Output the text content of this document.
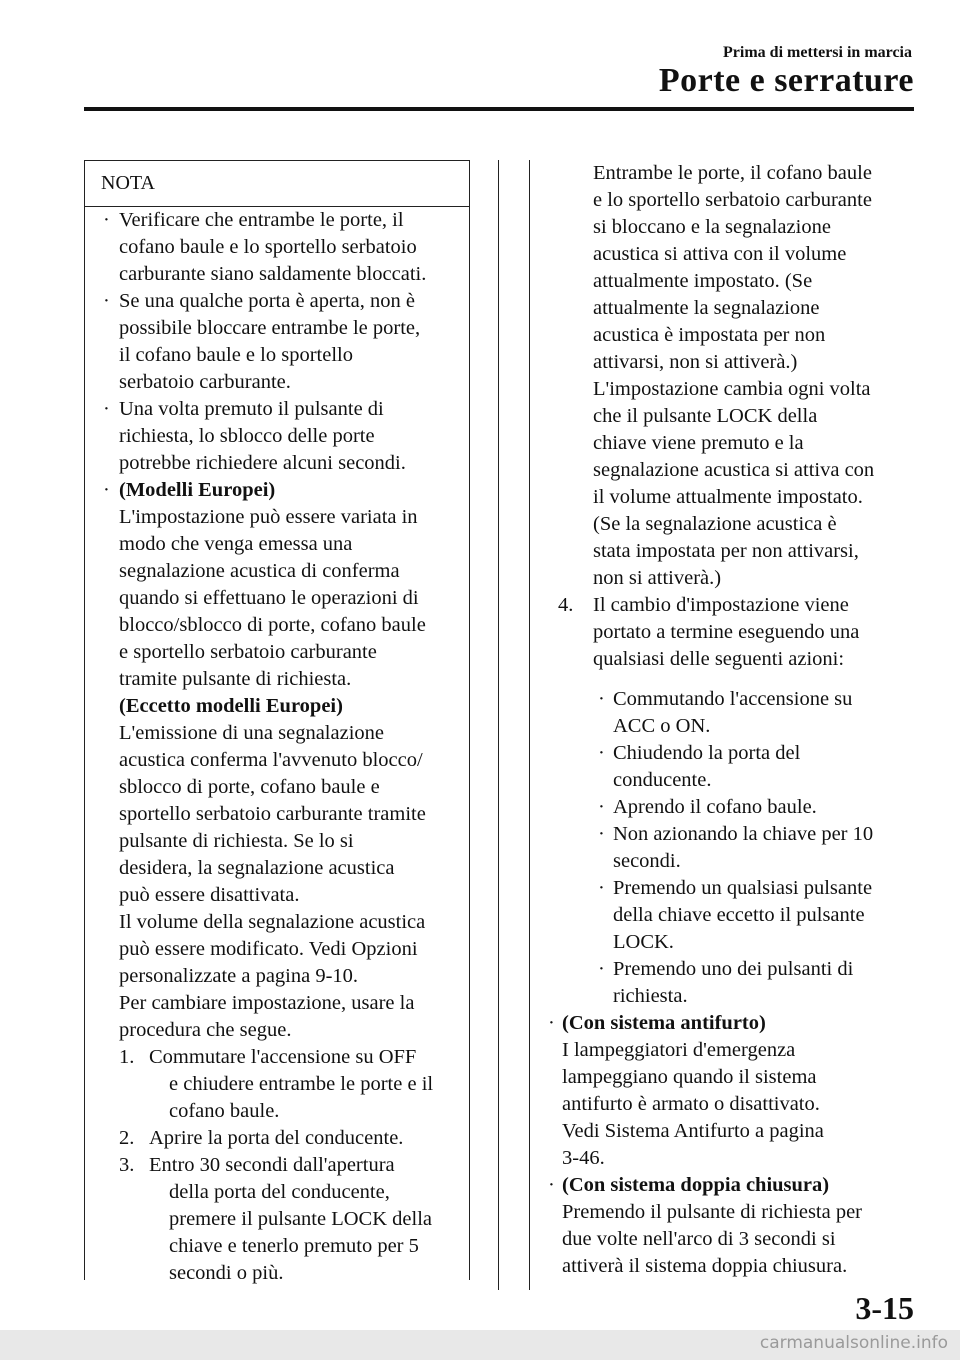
Prima di mettersi in marcia
Porte e serrature
NOTA
· Verificare che entrambe le porte, il
cofano baule e lo sportello serbatoio
carburante siano saldamente bloccati.
· Se una qualche porta è aperta, non è
possibile bloccare entrambe le porte,
il cofano baule e lo sportello
serbatoio carburante.
· Una volta premuto il pulsante di
richiesta, lo sblocco delle porte
potrebbe richiedere alcuni secondi.
· (Modelli Europei)
L'impostazione può essere variata in
modo che venga emessa una
segnalazione acustica di conferma
quando si effettuano le operazioni di
blocco/sblocco di porte, cofano baule
e sportello serbatoio carburante
tramite pulsante di richiesta.
(Eccetto modelli Europei)
L'emissione di una segnalazione
acustica conferma l'avvenuto blocco/
sblocco di porte, cofano baule e
sportello serbatoio carburante tramite
pulsante di richiesta. Se lo si
desidera, la segnalazione acustica
può essere disattivata.
Il volume della segnalazione acustica
può essere modificato. Vedi Opzioni
personalizzate a pagina 9-10.
Per cambiare impostazione, usare la
procedura che segue.
1. Commutare l'accensione su OFF
e chiudere entrambe le porte e il
cofano baule.
2. Aprire la porta del conducente.
3. Entro 30 secondi dall'apertura
della porta del conducente,
premere il pulsante LOCK della
chiave e tenerlo premuto per 5
secondi o più.
Entrambe le porte, il cofano baule
e lo sportello serbatoio carburante
si bloccano e la segnalazione
acustica si attiva con il volume
attualmente impostato. (Se
attualmente la segnalazione
acustica è impostata per non
attivarsi, non si attiverà.)
L'impostazione cambia ogni volta
che il pulsante LOCK della
chiave viene premuto e la
segnalazione acustica si attiva con
il volume attualmente impostato.
(Se la segnalazione acustica è
stata impostata per non attivarsi,
non si attiverà.)
4. Il cambio d'impostazione viene
portato a termine eseguendo una
qualsiasi delle seguenti azioni:
· Commutando l'accensione su
ACC o ON.
· Chiudendo la porta del
conducente.
· Aprendo il cofano baule.
· Non azionando la chiave per 10
secondi.
· Premendo un qualsiasi pulsante
della chiave eccetto il pulsante
LOCK.
· Premendo uno dei pulsanti di
richiesta.
· (Con sistema antifurto)
I lampeggiatori d'emergenza
lampeggiano quando il sistema
antifurto è armato o disattivato.
Vedi Sistema Antifurto a pagina
3-46.
· (Con sistema doppia chiusura)
Premendo il pulsante di richiesta per
due volte nell'arco di 3 secondi si
attiverà il sistema doppia chiusura.
3-15
carmanualsonline.info
